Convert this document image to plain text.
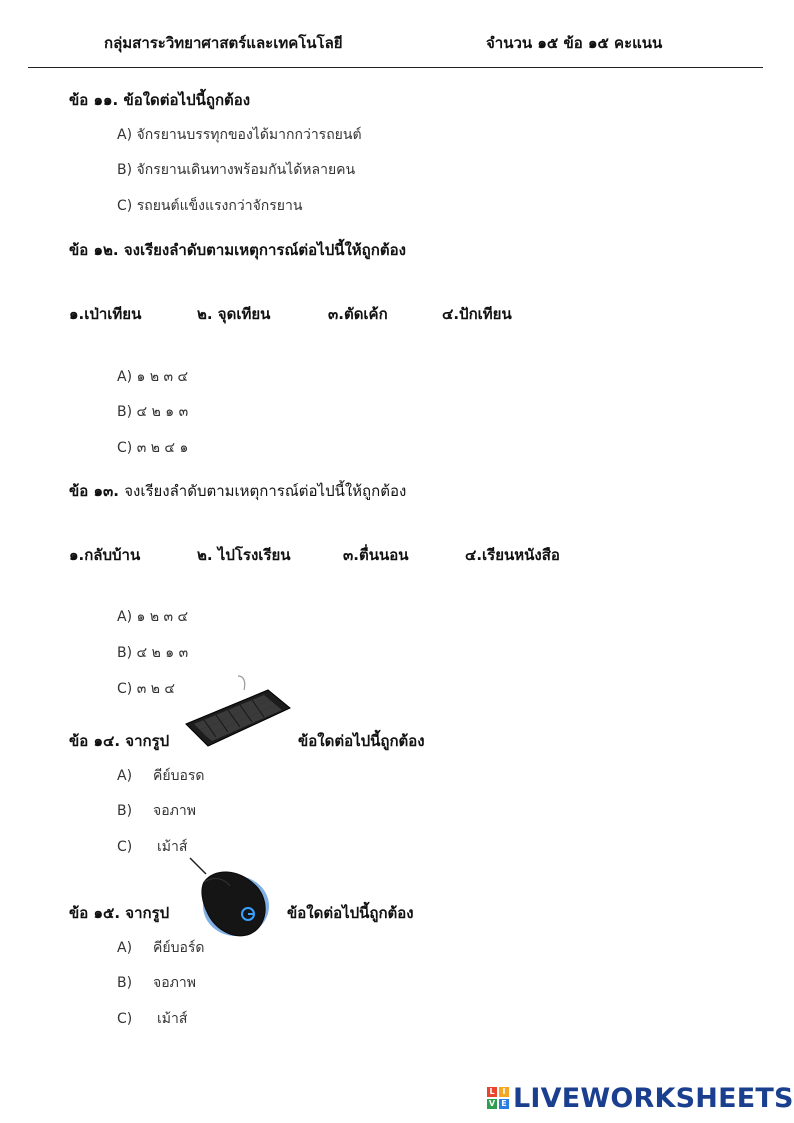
กลุ่มสาระวิทยาศาสตร์และเทคโนโลยี	จำนวน ๑๕ ข้อ ๑๕ คะแนน
ข้อ ๑๑. ข้อใดต่อไปนี้ถูกต้อง
A) จักรยานบรรทุกของได้มากกว่ารถยนต์
B) จักรยานเดินทางพร้อมกันได้หลายคน
C) รถยนต์แข็งแรงกว่าจักรยาน
ข้อ ๑๒. จงเรียงลำดับตามเหตุการณ์ต่อไปนี้ให้ถูกต้อง
๑.เป่าเทียน	๒. จุดเทียน	๓.ตัดเค้ก	๔.ปักเทียน
A) ๑ ๒ ๓ ๔
B) ๔ ๒ ๑ ๓
C) ๓ ๒ ๔ ๑
ข้อ ๑๓. จงเรียงลำดับตามเหตุการณ์ต่อไปนี้ให้ถูกต้อง
๑.กลับบ้าน	๒. ไปโรงเรียน	๓.ตื่นนอน	๔.เรียนหนังสือ
A) ๑ ๒ ๓ ๔
B) ๔ ๒ ๑ ๓
C) ๓ ๒ ๔
ข้อ ๑๔. จากรูป	ข้อใดต่อไปนี้ถูกต้อง
A) คีย์บอรด
B) จอภาพ
C) เม้าส์
ข้อ ๑๕. จากรูป	ข้อใดต่อไปนี้ถูกต้อง
A) คีย์บอร์ด
B) จอภาพ
C) เม้าส์
L I
V E LIVEWORKSHEETS
